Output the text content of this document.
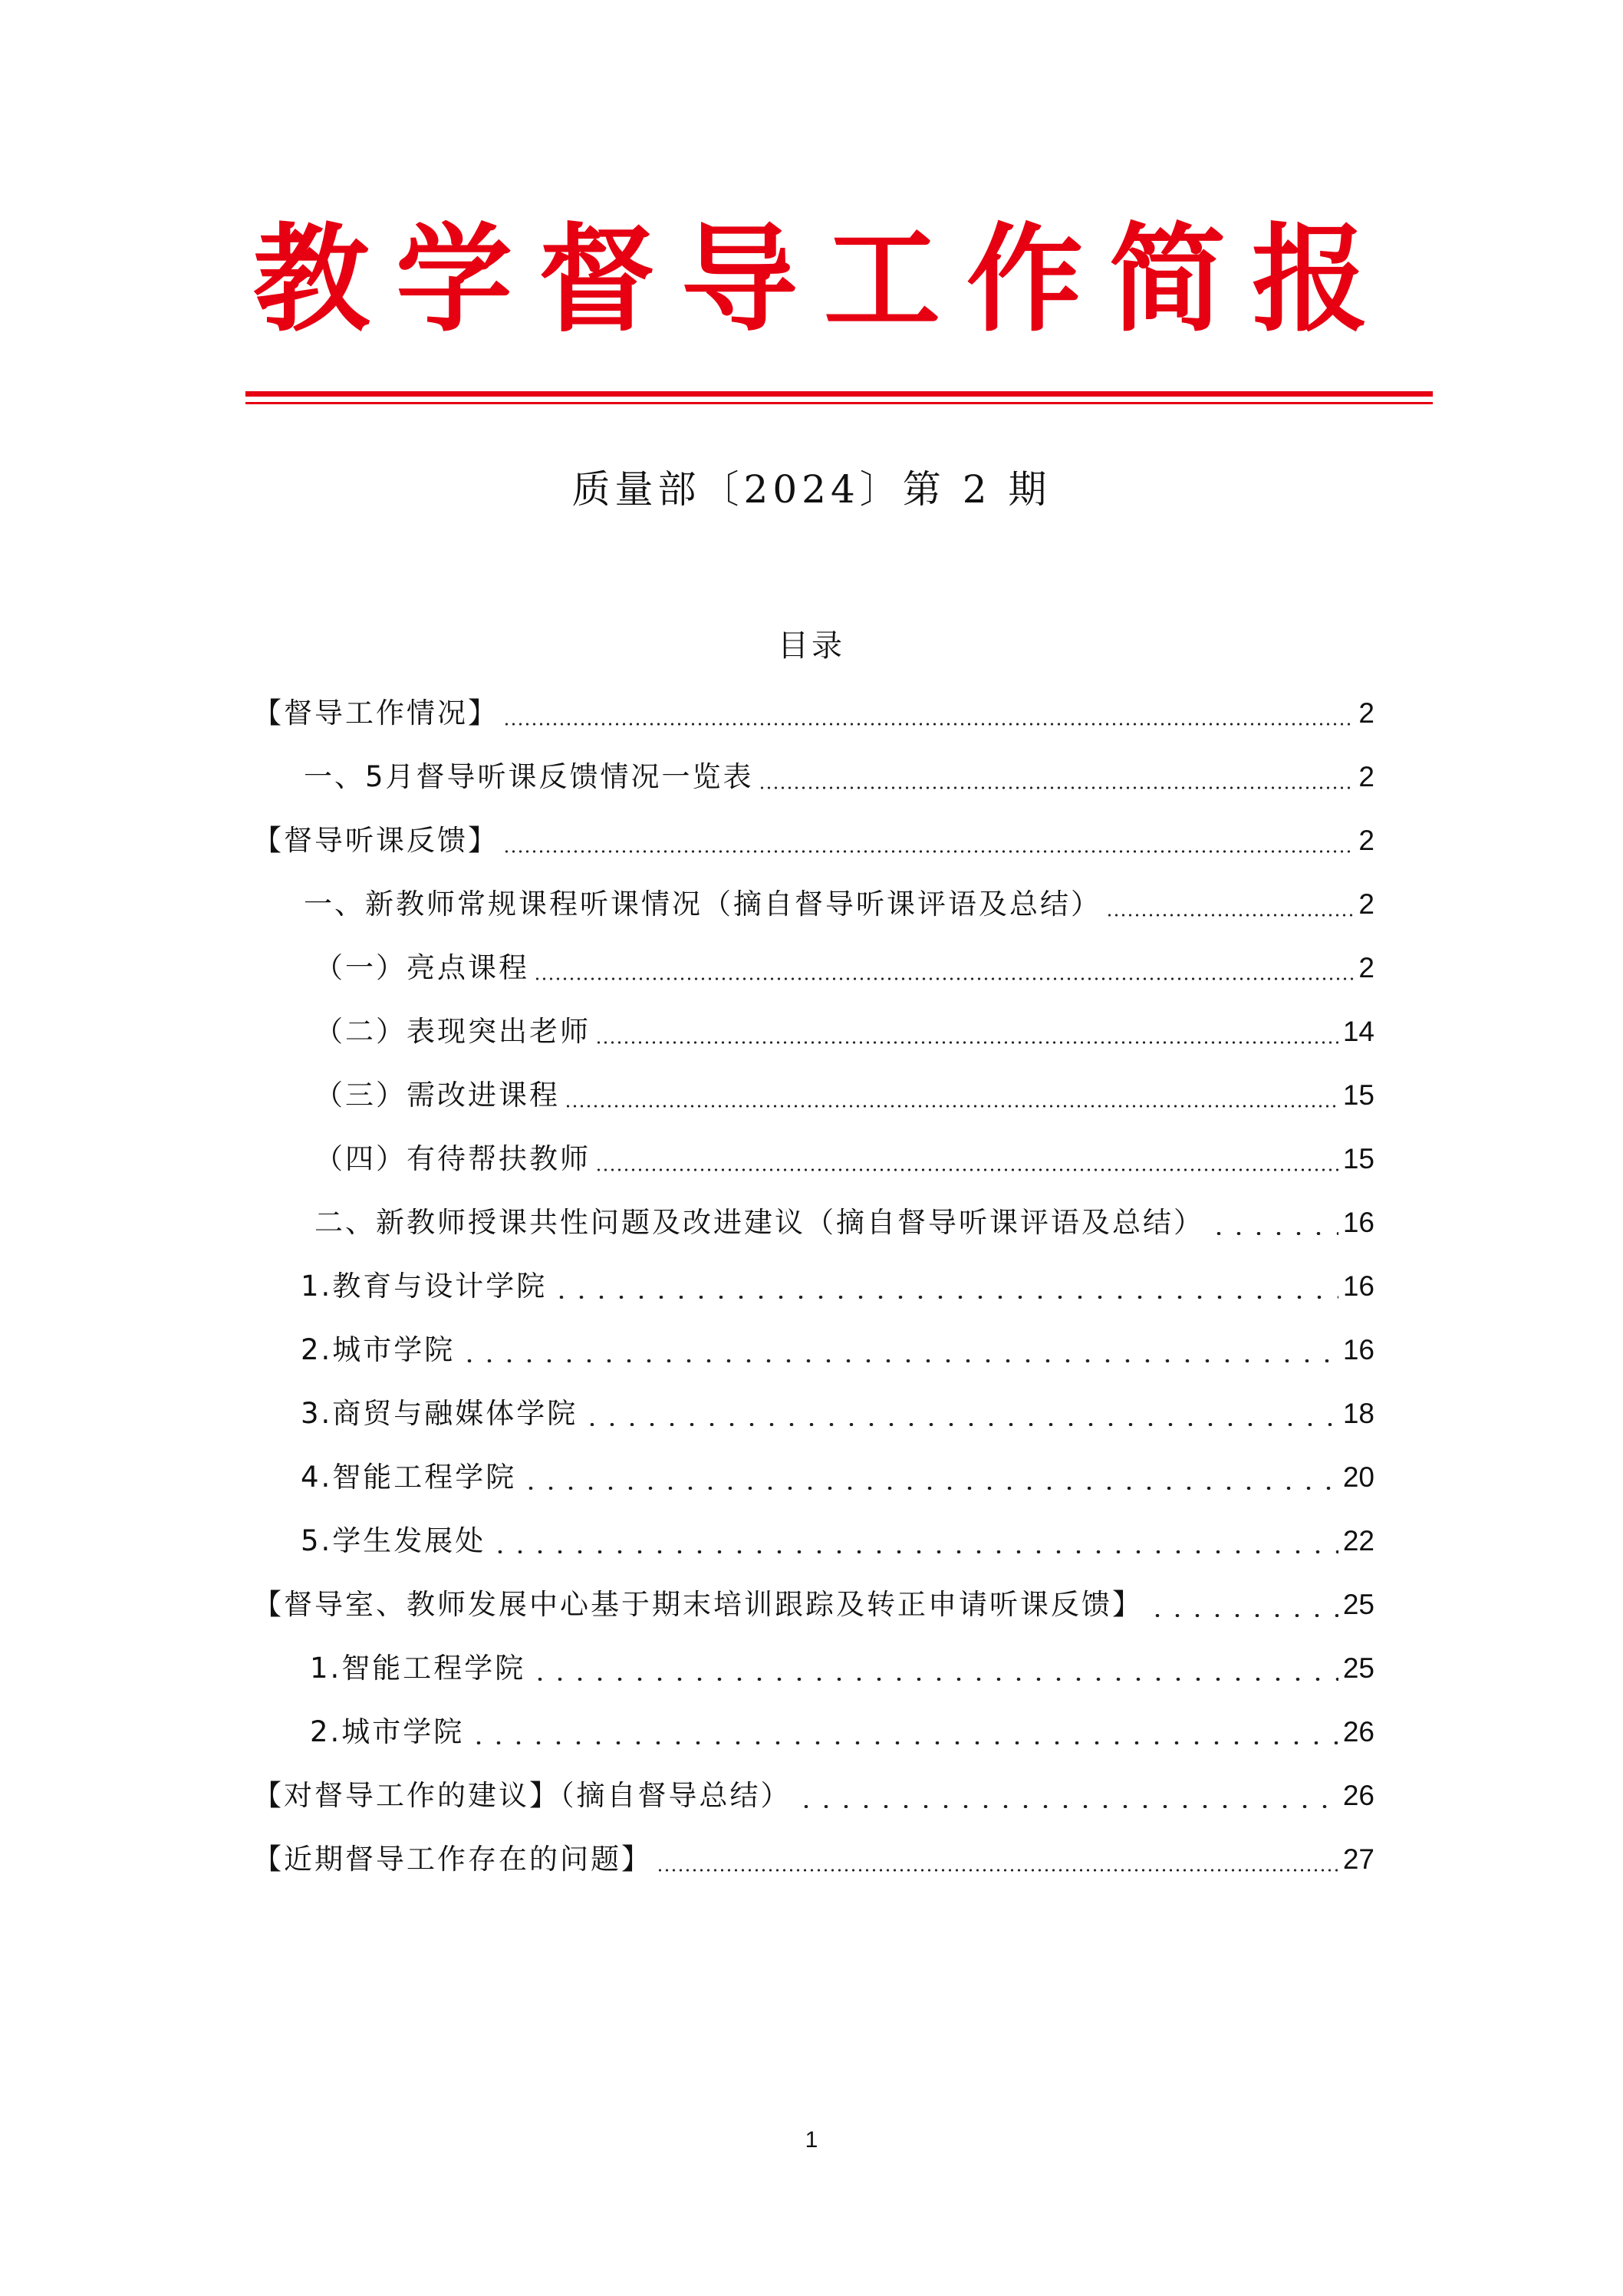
教学督导工作简报
质量部〔2024〕第 2 期
目录
【督导工作情况】	2
一、5月督导听课反馈情况一览表	2
【督导听课反馈】	2
一、新教师常规课程听课情况（摘自督导听课评语及总结）	2
（一）亮点课程	2
（二）表现突出老师	14
（三）需改进课程	15
（四）有待帮扶教师	15
二、新教师授课共性问题及改进建议（摘自督导听课评语及总结）	16
1.教育与设计学院	16
2.城市学院	16
3.商贸与融媒体学院	18
4.智能工程学院	20
5.学生发展处	22
【督导室、教师发展中心基于期末培训跟踪及转正申请听课反馈】	25
1.智能工程学院	25
2.城市学院	26
【对督导工作的建议】（摘自督导总结）	26
【近期督导工作存在的问题】	27
1
